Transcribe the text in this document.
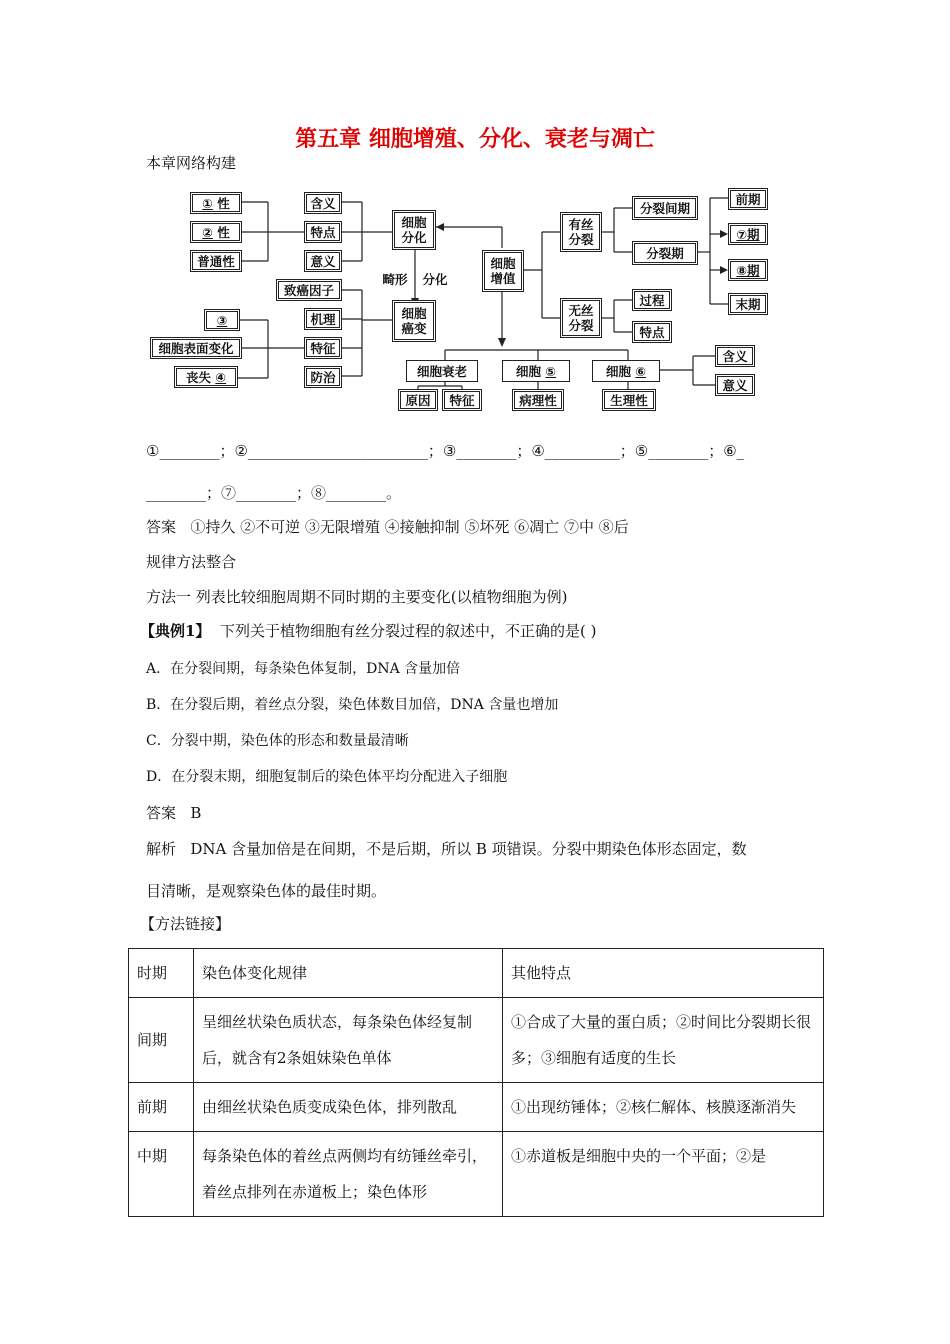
第五章 细胞增殖、分化、衰老与凋亡
本章网络构建
①
性
②
性
普通性
含义
特点
意义
细胞
分化
畸形 分化
细胞
癌变
致癌因子
机理
特征
防治
③
细胞表面变化
丧失
④
细胞
增值
有丝
分裂
分裂间期
分裂期
前期
⑦期
⑧期
末期
无丝
分裂
过程
特点
细胞衰老
原因 特征
细胞
⑤
病理性
细胞
⑥
生理性
含义
意义
①________；②________________________；③________；④__________；⑤________；⑥_
________；⑦________；⑧________。
答案 ①持久 ②不可逆 ③无限增殖 ④接触抑制 ⑤坏死 ⑥凋亡 ⑦中 ⑧后
规律方法整合
方法一 列表比较细胞周期不同时期的主要变化(以植物细胞为例)
【典例1】 下列关于植物细胞有丝分裂过程的叙述中，不正确的是( )
A．在分裂间期，每条染色体复制，DNA 含量加倍
B．在分裂后期，着丝点分裂，染色体数目加倍，DNA 含量也增加
C．分裂中期，染色体的形态和数量最清晰
D．在分裂末期，细胞复制后的染色体平均分配进入子细胞
答案 B
解析 DNA 含量加倍是在间期，不是后期，所以 B 项错误。分裂中期染色体形态固定，数
目清晰，是观察染色体的最佳时期。
【方法链接】
时期	染色体变化规律	其他特点
间期	呈细丝状染色质状态，每条染色体经复制后，就含有2条姐妹染色单体	①合成了大量的蛋白质；②时间比分裂期长很多；③细胞有适度的生长
前期	由细丝状染色质变成染色体，排列散乱	①出现纺锤体；②核仁解体、核膜逐渐消失
中期	每条染色体的着丝点两侧均有纺锤丝牵引，着丝点排列在赤道板上；染色体形	①赤道板是细胞中央的一个平面；②是
